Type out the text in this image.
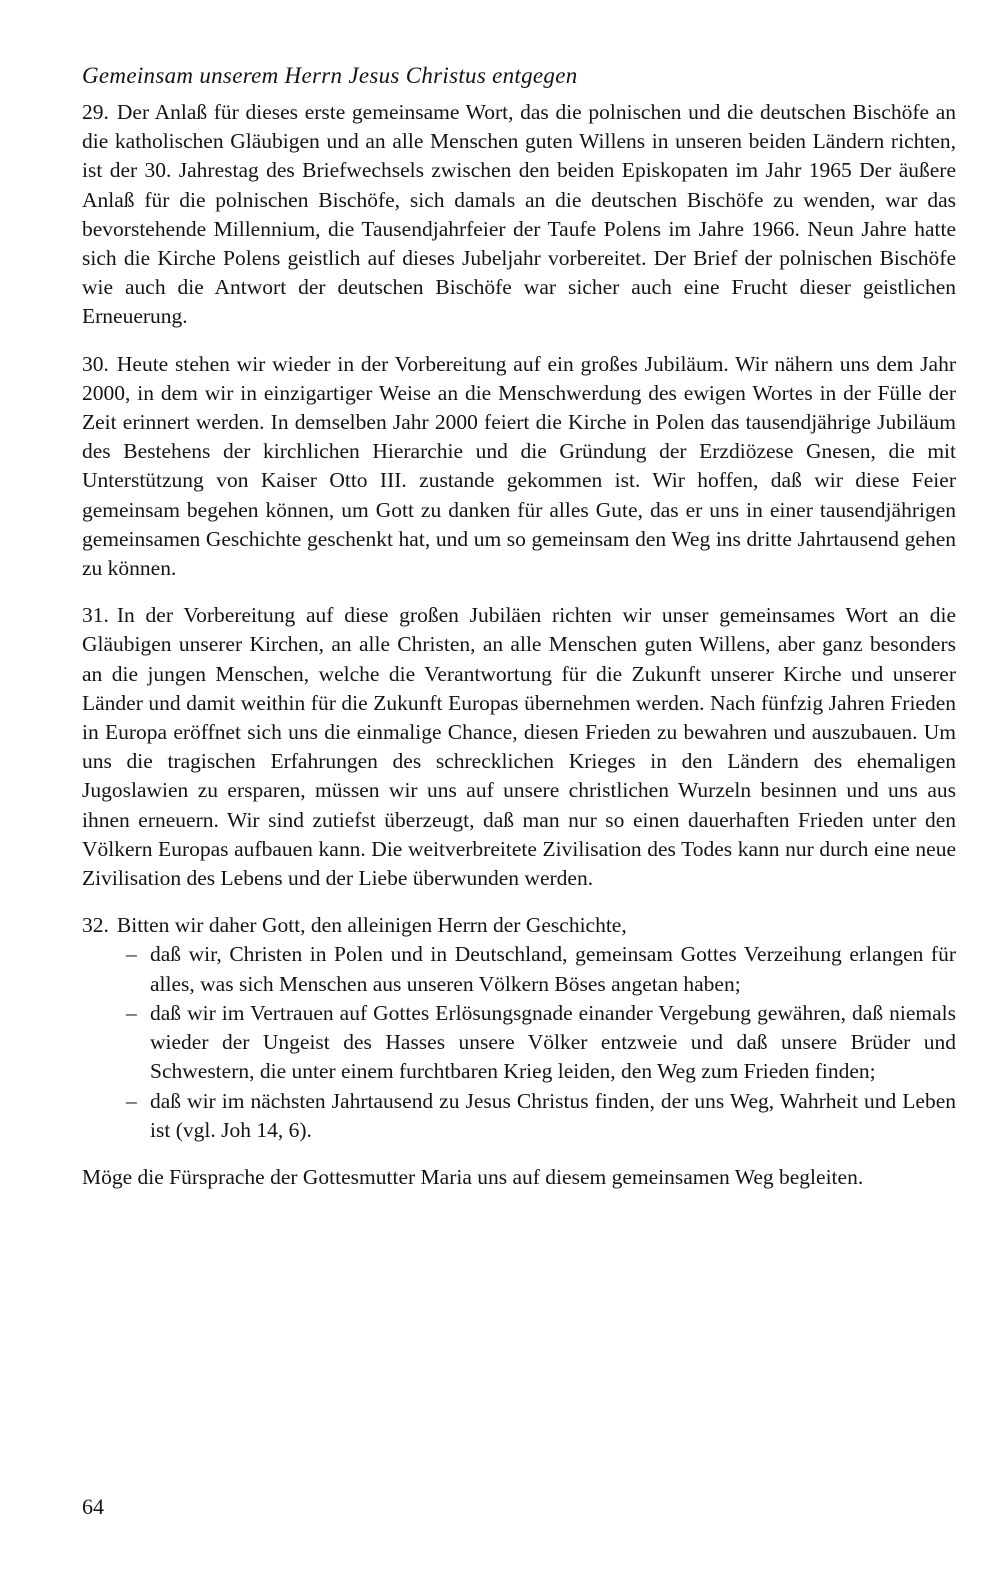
Gemeinsam unserem Herrn Jesus Christus entgegen

29. Der Anlaß für dieses erste gemeinsame Wort, das die polnischen und die deutschen Bischöfe an die katholischen Gläubigen und an alle Menschen guten Willens in unseren beiden Ländern richten, ist der 30. Jahrestag des Briefwechsels zwischen den beiden Episkopaten im Jahr 1965 Der äußere Anlaß für die polnischen Bischöfe, sich damals an die deutschen Bischöfe zu wenden, war das bevorstehende Millennium, die Tausendjahrfeier der Taufe Polens im Jahre 1966. Neun Jahre hatte sich die Kirche Polens geistlich auf dieses Jubeljahr vorbereitet. Der Brief der polnischen Bischöfe wie auch die Antwort der deutschen Bischöfe war sicher auch eine Frucht dieser geistlichen Erneuerung.

30. Heute stehen wir wieder in der Vorbereitung auf ein großes Jubiläum. Wir nähern uns dem Jahr 2000, in dem wir in einzigartiger Weise an die Menschwerdung des ewigen Wortes in der Fülle der Zeit erinnert werden. In demselben Jahr 2000 feiert die Kirche in Polen das tausendjährige Jubiläum des Bestehens der kirchlichen Hierarchie und die Gründung der Erzdiözese Gnesen, die mit Unterstützung von Kaiser Otto III. zustande gekommen ist. Wir hoffen, daß wir diese Feier gemeinsam begehen können, um Gott zu danken für alles Gute, das er uns in einer tausendjährigen gemeinsamen Geschichte geschenkt hat, und um so gemeinsam den Weg ins dritte Jahrtausend gehen zu können.

31. In der Vorbereitung auf diese großen Jubiläen richten wir unser gemeinsames Wort an die Gläubigen unserer Kirchen, an alle Christen, an alle Menschen guten Willens, aber ganz besonders an die jungen Menschen, welche die Verantwortung für die Zukunft unserer Kirche und unserer Länder und damit weithin für die Zukunft Europas übernehmen werden. Nach fünfzig Jahren Frieden in Europa eröffnet sich uns die einmalige Chance, diesen Frieden zu bewahren und auszubauen. Um uns die tragischen Erfahrungen des schrecklichen Krieges in den Ländern des ehemaligen Jugoslawien zu ersparen, müssen wir uns auf unsere christlichen Wurzeln besinnen und uns aus ihnen erneuern. Wir sind zutiefst überzeugt, daß man nur so einen dauerhaften Frieden unter den Völkern Europas aufbauen kann. Die weitverbreitete Zivilisation des Todes kann nur durch eine neue Zivilisation des Lebens und der Liebe überwunden werden.

32. Bitten wir daher Gott, den alleinigen Herrn der Geschichte,

– daß wir, Christen in Polen und in Deutschland, gemeinsam Gottes Verzeihung erlangen für alles, was sich Menschen aus unseren Völkern Böses angetan haben;
– daß wir im Vertrauen auf Gottes Erlösungsgnade einander Vergebung gewähren, daß niemals wieder der Ungeist des Hasses unsere Völker entzweie und daß unsere Brüder und Schwestern, die unter einem furchtbaren Krieg leiden, den Weg zum Frieden finden;
– daß wir im nächsten Jahrtausend zu Jesus Christus finden, der uns Weg, Wahrheit und Leben ist (vgl. Joh 14, 6).

Möge die Fürsprache der Gottesmutter Maria uns auf diesem gemeinsamen Weg begleiten.

64
